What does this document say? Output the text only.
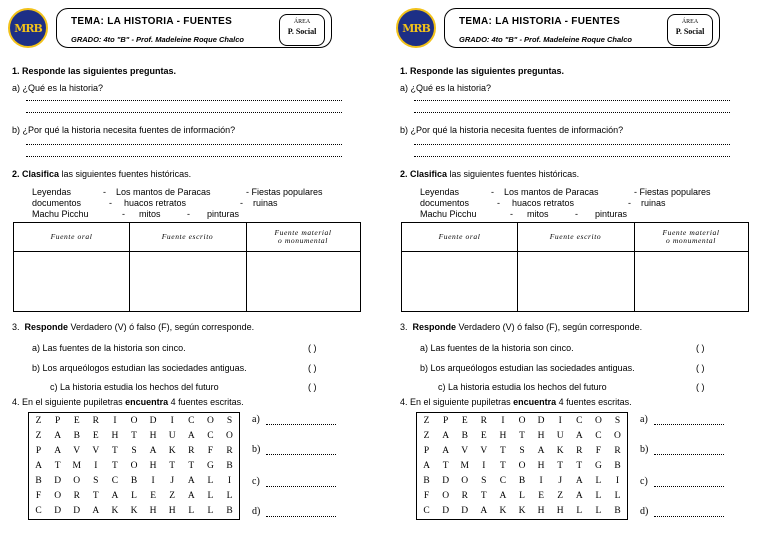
MRB	TEMA: LA HISTORIA - FUENTES
GRADO: 4to "B" - Prof. Madeleine Roque Chalco
ÁREA
P. Social
1. Responde las siguientes preguntas.
a) ¿Qué es la historia?
b) ¿Por qué la historia necesita fuentes de información?
2. Clasifica las siguientes fuentes históricas.
Leyendas	- Los mantos de Paracas	- Fiestas populares
documentos	- huacos retratos	- ruinas
Machu Picchu	- mitos	- pinturas
Fuente oral	Fuente escrito	Fuente material
o monumental
3. Responde Verdadero (V) ó falso (F), según corresponde.
a) Las fuentes de la historia son cinco.	( )
b) Los arqueólogos estudian las sociedades antiguas.	( )
c) La historia estudia los hechos del futuro	( )
4. En el siguiente pupiletras encuentra 4 fuentes escritas.
Z	P	E	R	I	O	D	I	C	O	S
Z	A	B	E	H	T	H	U	A	C	O
P	A	V	V	T	S	A	K	R	F	R
A	T	M	I	T	O	H	T	T	G	B
B	D	O	S	C	B	I	J	A	L	I
F	O	R	T	A	L	E	Z	A	L	L
C	D	D	A	K	K	H	H	L	L	B
a)
b)
c)
d)
MRB	TEMA: LA HISTORIA - FUENTES
GRADO: 4to "B" - Prof. Madeleine Roque Chalco
ÁREA
P. Social
1. Responde las siguientes preguntas.
a) ¿Qué es la historia?
b) ¿Por qué la historia necesita fuentes de información?
2. Clasifica las siguientes fuentes históricas.
Leyendas	- Los mantos de Paracas	- Fiestas populares
documentos	- huacos retratos	- ruinas
Machu Picchu	- mitos	- pinturas
Fuente oral	Fuente escrito	Fuente material
o monumental
3. Responde Verdadero (V) ó falso (F), según corresponde.
a) Las fuentes de la historia son cinco.	( )
b) Los arqueólogos estudian las sociedades antiguas.	( )
c) La historia estudia los hechos del futuro	( )
4. En el siguiente pupiletras encuentra 4 fuentes escritas.
Z	P	E	R	I	O	D	I	C	O	S
Z	A	B	E	H	T	H	U	A	C	O
P	A	V	V	T	S	A	K	R	F	R
A	T	M	I	T	O	H	T	T	G	B
B	D	O	S	C	B	I	J	A	L	I
F	O	R	T	A	L	E	Z	A	L	L
C	D	D	A	K	K	H	H	L	L	B
a)
b)
c)
d)
